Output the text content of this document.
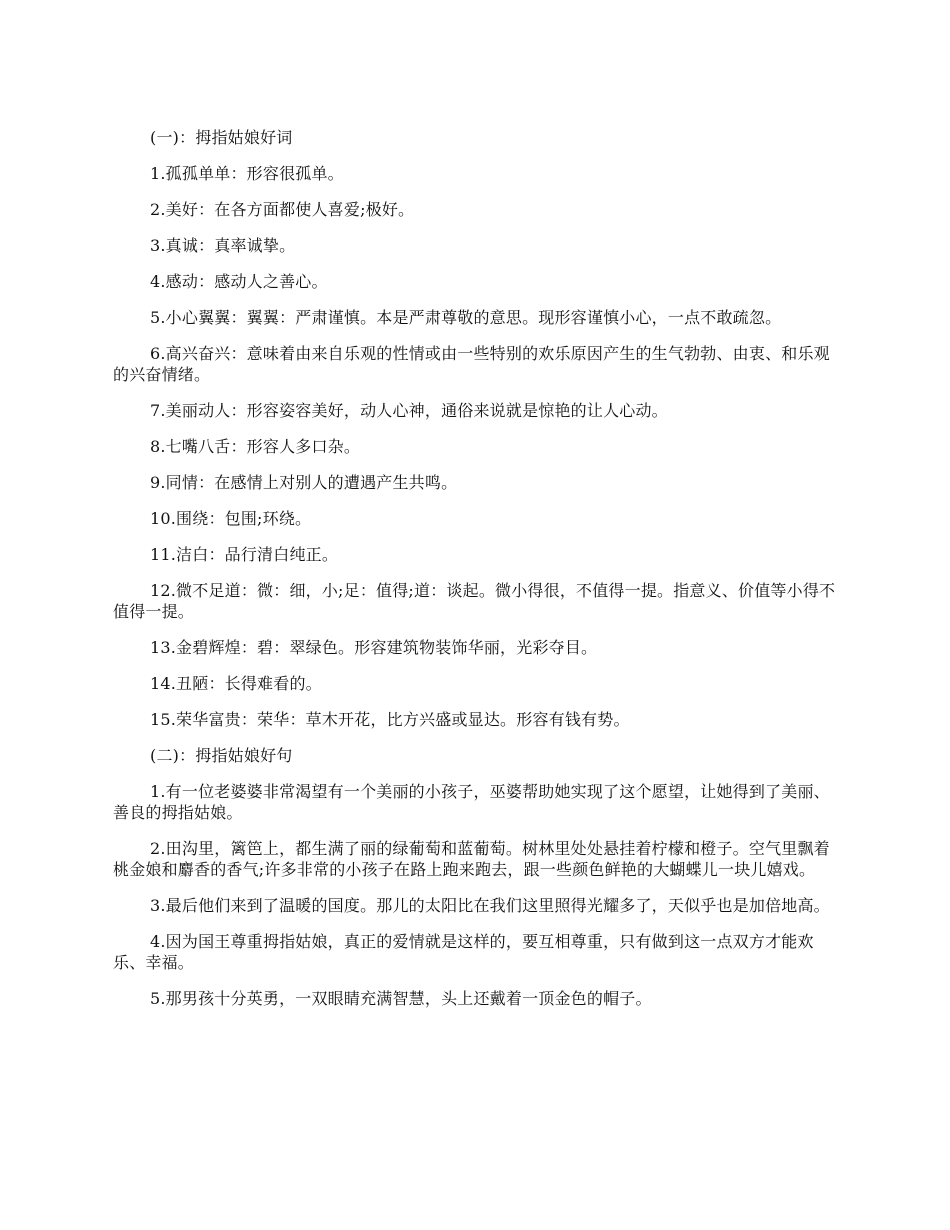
(一)：拇指姑娘好词

1.孤孤单单：形容很孤单。

2.美好：在各方面都使人喜爱;极好。

3.真诚：真率诚挚。

4.感动：感动人之善心。

5.小心翼翼：翼翼：严肃谨慎。本是严肃尊敬的意思。现形容谨慎小心，一点不敢疏忽。

6.高兴奋兴：意味着由来自乐观的性情或由一些特别的欢乐原因产生的生气勃勃、由衷、和乐观的兴奋情绪。

7.美丽动人：形容姿容美好，动人心神，通俗来说就是惊艳的让人心动。

8.七嘴八舌：形容人多口杂。

9.同情：在感情上对别人的遭遇产生共鸣。

10.围绕：包围;环绕。

11.洁白：品行清白纯正。

12.微不足道：微：细，小;足：值得;道：谈起。微小得很，不值得一提。指意义、价值等小得不值得一提。

13.金碧辉煌：碧：翠绿色。形容建筑物装饰华丽，光彩夺目。

14.丑陋：长得难看的。

15.荣华富贵：荣华：草木开花，比方兴盛或显达。形容有钱有势。

(二)：拇指姑娘好句

1.有一位老婆婆非常渴望有一个美丽的小孩子，巫婆帮助她实现了这个愿望，让她得到了美丽、善良的拇指姑娘。

2.田沟里，篱笆上，都生满了丽的绿葡萄和蓝葡萄。树林里处处悬挂着柠檬和橙子。空气里飘着桃金娘和麝香的香气;许多非常的小孩子在路上跑来跑去，跟一些颜色鲜艳的大蝴蝶儿一块儿嬉戏。

3.最后他们来到了温暖的国度。那儿的太阳比在我们这里照得光耀多了，天似乎也是加倍地高。

4.因为国王尊重拇指姑娘，真正的爱情就是这样的，要互相尊重，只有做到这一点双方才能欢乐、幸福。

5.那男孩十分英勇，一双眼睛充满智慧，头上还戴着一顶金色的帽子。
